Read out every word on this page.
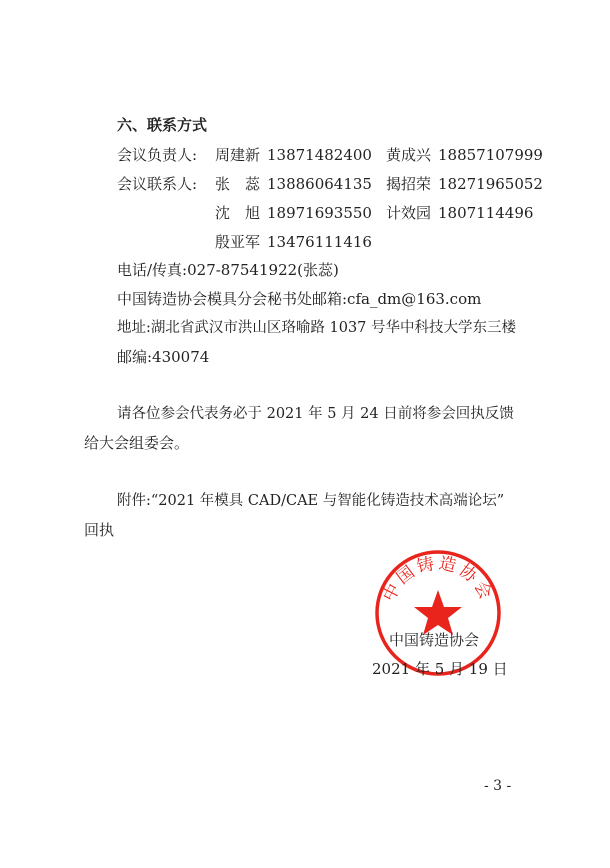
六、联系方式
会议负责人: 周建新 13871482400 黄成兴 18857107999
会议联系人: 张　蕊 13886064135 揭招荣 18271965052
沈　旭 18971693550 计效园 1807114496
殷亚军 13476111416
电话/传真:027-87541922(张蕊)
中国铸造协会模具分会秘书处邮箱:cfa_dm@163.com
地址:湖北省武汉市洪山区珞喻路 1037 号华中科技大学东三楼
邮编:430074
请各位参会代表务必于 2021 年 5 月 24 日前将参会回执反馈
给大会组委会。
附件:“2021 年模具 CAD/CAE 与智能化铸造技术高端论坛”
回执
中国铸造协会
中国铸造协会
2021 年 5 月 19 日
- 3 -
